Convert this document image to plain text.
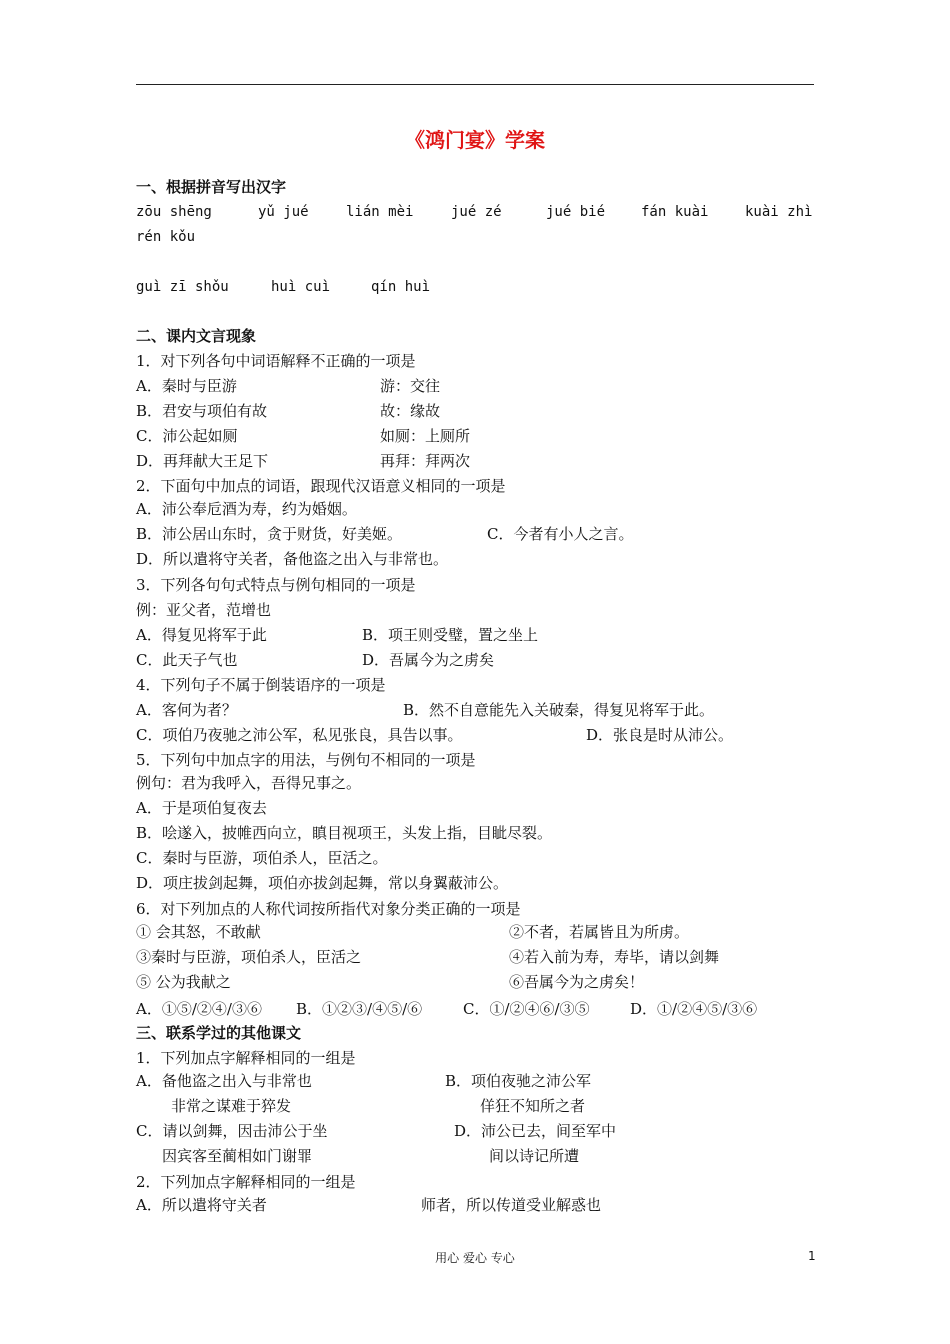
《鸿门宴》学案
一、根据拼音写出汉字
zōu shēng	yǔ jué	lián mèi	jué zé	jué bié	fán kuài	kuài zhì
rén kǒu
guì zī shǒu	huì cuì	qín huì
二、课内文言现象
1．对下列各句中词语解释不正确的一项是
A．秦时与臣游	游：交往
B．君安与项伯有故	故：缘故
C．沛公起如厕	如厕：上厕所
D．再拜献大王足下	再拜：拜两次
2．下面句中加点的词语，跟现代汉语意义相同的一项是
A．沛公奉卮酒为寿，约为婚姻。
B．沛公居山东时，贪于财货，好美姬。	C．今者有小人之言。
D．所以遣将守关者，备他盗之出入与非常也。
3．下列各句句式特点与例句相同的一项是
例：亚父者，范增也
A．得复见将军于此	B．项王则受璧，置之坐上
C．此天子气也	D．吾属今为之虏矣
4．下列句子不属于倒装语序的一项是
A．客何为者？	B．然不自意能先入关破秦，得复见将军于此。
C．项伯乃夜驰之沛公军，私见张良，具告以事。	D．张良是时从沛公。
5．下列句中加点字的用法，与例句不相同的一项是
例句：君为我呼入，吾得兄事之。
A．于是项伯复夜去
B．哙遂入，披帷西向立，瞋目视项王，头发上指，目眦尽裂。
C．秦时与臣游，项伯杀人，臣活之。
D．项庄拔剑起舞，项伯亦拔剑起舞，常以身翼蔽沛公。
6．对下列加点的人称代词按所指代对象分类正确的一项是
① 会其怒，不敢献	②不者，若属皆且为所虏。
③秦时与臣游，项伯杀人，臣活之	④若入前为寿，寿毕，请以剑舞
⑤ 公为我献之	⑥吾属今为之虏矣！
A．①⑤/②④/③⑥ B．①②③/④⑤/⑥	C．①/②④⑥/③⑤	D．①/②④⑤/③⑥
三、联系学过的其他课文
1．下列加点字解释相同的一组是
A．备他盗之出入与非常也	B．项伯夜驰之沛公军
非常之谋难于猝发	佯狂不知所之者
C．请以剑舞，因击沛公于坐	D．沛公已去，间至军中
因宾客至蔺相如门谢罪	间以诗记所遭
2．下列加点字解释相同的一组是
A．所以遣将守关者	师者，所以传道受业解惑也
用心 爱心 专心	1
